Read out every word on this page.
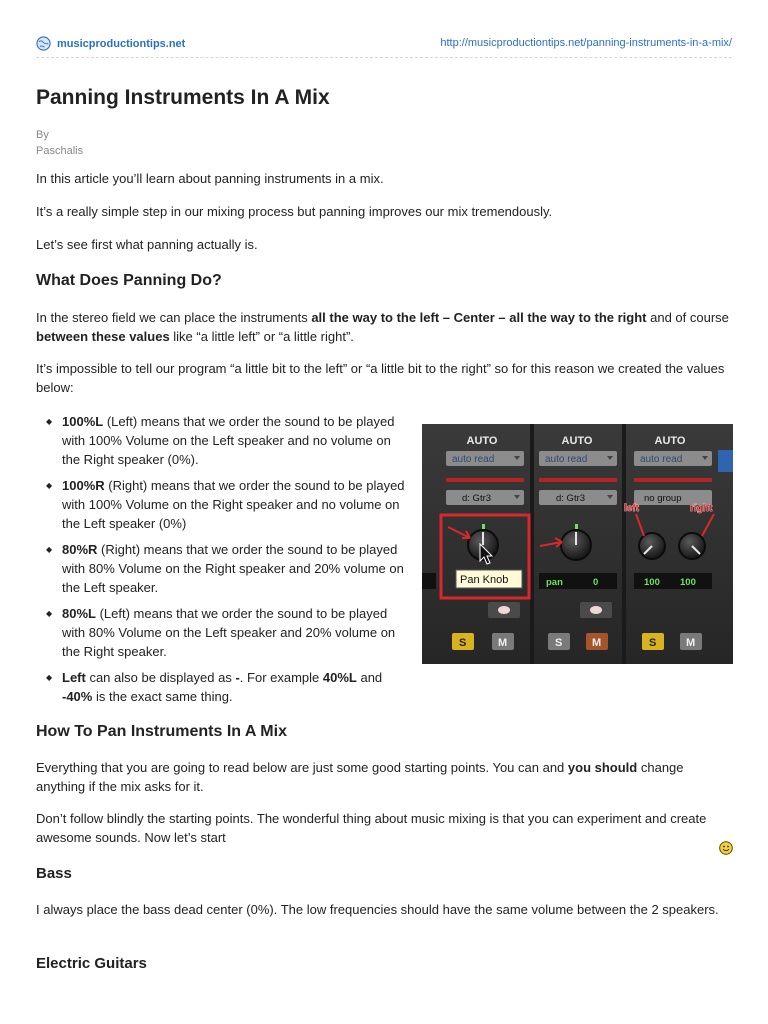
musicproductiontips.net	http://musicproductiontips.net/panning-instruments-in-a-mix/
Panning Instruments In A Mix
By
Paschalis
In this article you’ll learn about panning instruments in a mix.
It’s a really simple step in our mixing process but panning improves our mix tremendously.
Let’s see first what panning actually is.
What Does Panning Do?
In the stereo field we can place the instruments all the way to the left – Center – all the way to the right and of course between these values like “a little left” or “a little right”.
It’s impossible to tell our program “a little bit to the left” or “a little bit to the right” so for this reason we created the values below:
◆ 100%L (Left) means that we order the sound to be played with 100% Volume on the Left speaker and no volume on the Right speaker (0%).
◆ 100%R (Right) means that we order the sound to be played with 100% Volume on the Right speaker and no volume on the Left speaker (0%)
◆ 80%R (Right) means that we order the sound to be played with 80% Volume on the Right speaker and 20% volume on the Left speaker.
◆ 80%L (Left) means that we order the sound to be played with 80% Volume on the Left speaker and 20% volume on the Right speaker.
◆ Left can also be displayed as -. For example 40%L and -40% is the exact same thing.
AUTO	AUTO	AUTO
auto read	auto read	auto read
d: Gtr3	d: Gtr3	no group
left	right
Pan Knob	pan	0	100 100
S	M	S	M	S	M
How To Pan Instruments In A Mix
Everything that you are going to read below are just some good starting points. You can and you should change anything if the mix asks for it.
Don’t follow blindly the starting points. The wonderful thing about music mixing is that you can experiment and create awesome sounds. Now let’s start
Bass
I always place the bass dead center (0%). The low frequencies should have the same volume between the 2 speakers.
Electric Guitars
